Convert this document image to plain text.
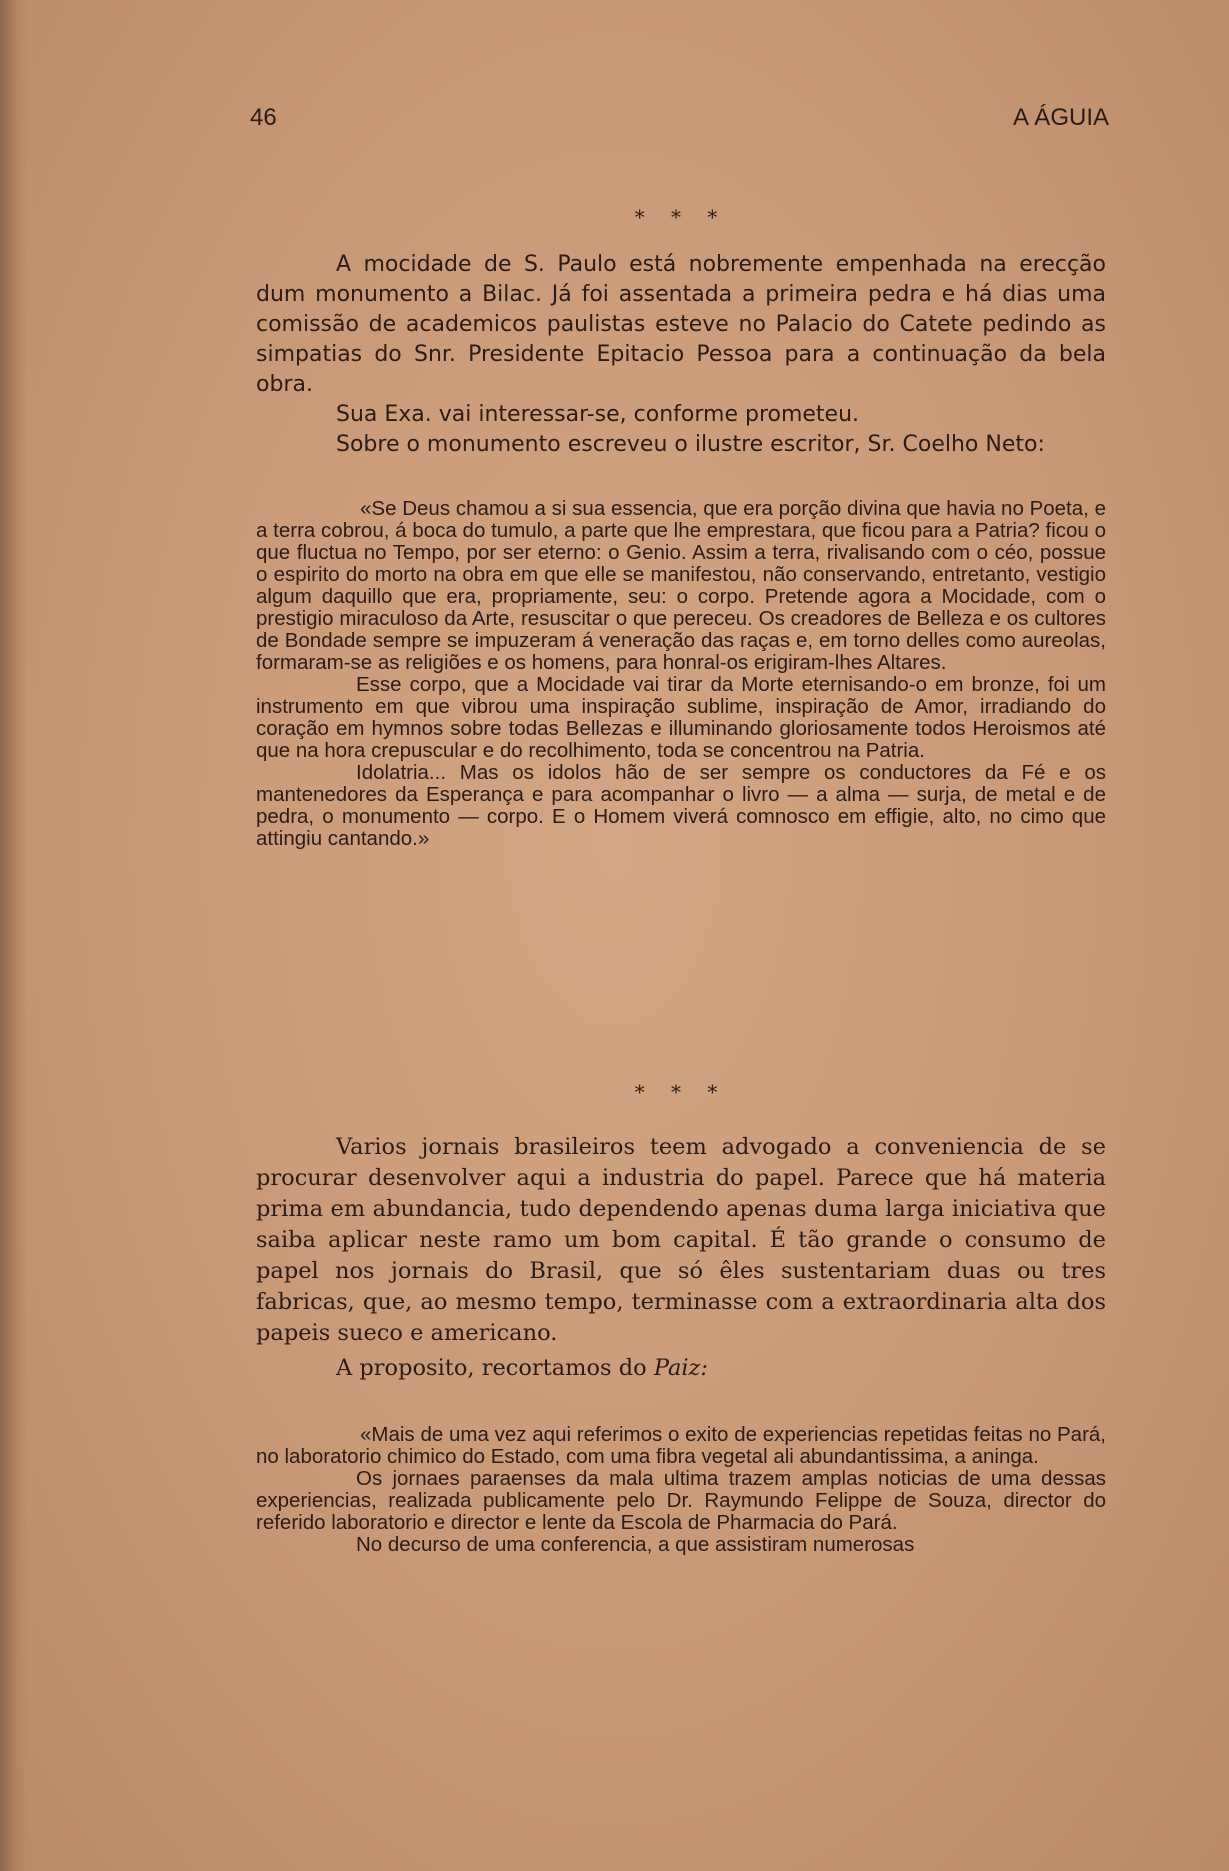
46	A ÁGUIA
* * *

A mocidade de S. Paulo está nobremente empenhada na erecção dum monumento a Bilac. Já foi assentada a primeira pedra e há dias uma comissão de academicos paulistas esteve no Palacio do Catete pedindo as simpatias do Snr. Presidente Epitacio Pessoa para a continuação da bela obra.

Sua Exa. vai interessar-se, conforme prometeu.

Sobre o monumento escreveu o ilustre escritor, Sr. Coelho Neto:

«Se Deus chamou a si sua essencia, que era porção divina que havia no Poeta, e a terra cobrou, á boca do tumulo, a parte que lhe emprestara, que ficou para a Patria? ficou o que fluctua no Tempo, por ser eterno: o Genio. Assim a terra, rivalisando com o céo, possue o espirito do morto na obra em que elle se manifestou, não conservando, entretanto, vestigio algum daquillo que era, propriamente, seu: o corpo. Pretende agora a Mocidade, com o prestigio miraculoso da Arte, resuscitar o que pereceu. Os creadores de Belleza e os cultores de Bondade sempre se impuzeram á veneração das raças e, em torno delles como aureolas, formaram-se as religiões e os homens, para honral-os erigiram-lhes Altares.

Esse corpo, que a Mocidade vai tirar da Morte eternisando-o em bronze, foi um instrumento em que vibrou uma inspiração sublime, inspiração de Amor, irradiando do coração em hymnos sobre todas Bellezas e illuminando gloriosamente todos Heroismos até que na hora crepuscular e do recolhimento, toda se concentrou na Patria.

Idolatria... Mas os idolos hão de ser sempre os conductores da Fé e os mantenedores da Esperança e para acompanhar o livro — a alma — surja, de metal e de pedra, o monumento — corpo. E o Homem viverá comnosco em effigie, alto, no cimo que attingiu cantando.»

* * *

Varios jornais brasileiros teem advogado a conveniencia de se procurar desenvolver aqui a industria do papel. Parece que há materia prima em abundancia, tudo dependendo apenas duma larga iniciativa que saiba aplicar neste ramo um bom capital. É tão grande o consumo de papel nos jornais do Brasil, que só êles sustentariam duas ou tres fabricas, que, ao mesmo tempo, terminasse com a extraordinaria alta dos papeis sueco e americano.

A proposito, recortamos do Paiz:

«Mais de uma vez aqui referimos o exito de experiencias repetidas feitas no Pará, no laboratorio chimico do Estado, com uma fibra vegetal ali abundantissima, a aninga.

Os jornaes paraenses da mala ultima trazem amplas noticias de uma dessas experiencias, realizada publicamente pelo Dr. Raymundo Felippe de Souza, director do referido laboratorio e director e lente da Escola de Pharmacia do Pará.

No decurso de uma conferencia, a que assistiram numerosas
